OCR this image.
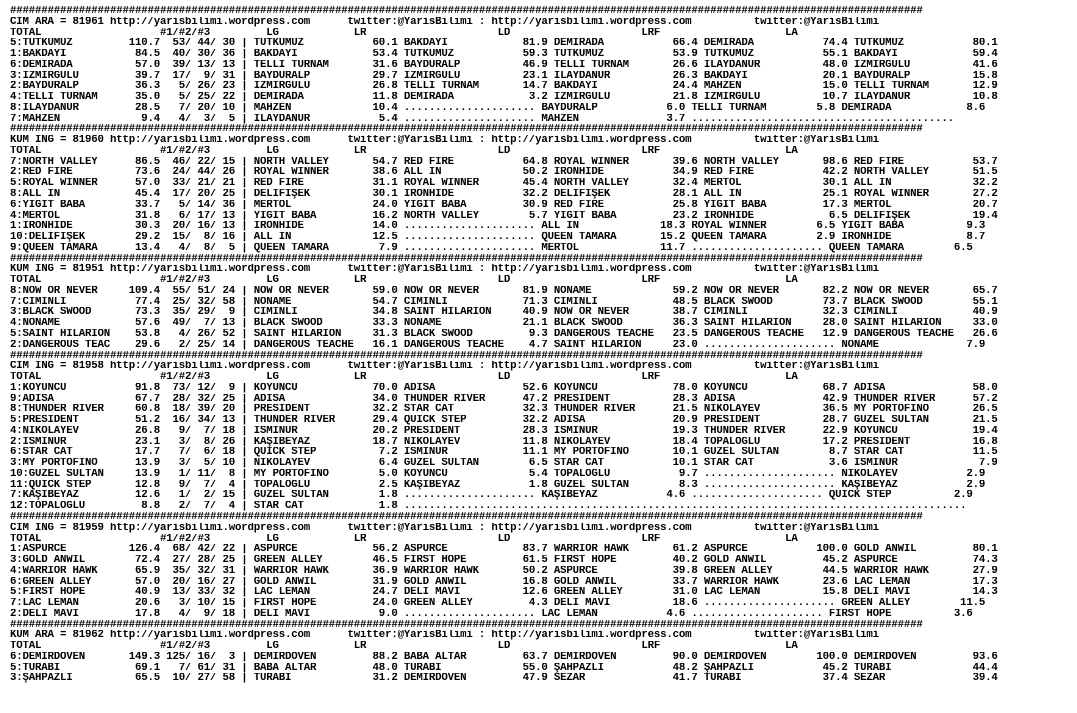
##################################################################################################################################################
CIM ARA = 81961 http://yarisbilimi.wordpress.com      twitter:@YarisBilimi : http://yarisbilimi.wordpress.com          twitter:@YarisBilimi
TOTAL                   #1/#2/#3         LG            LR                     LD                     LRF                    LA
5:TUTKUMUZ         110.7  53/ 44/ 30 | TUTKUMUZ           60.1 BAKDAYI            81.9 DEMİRADA           66.4 DEMİRADA           74.4 TUTKUMUZ           80.1
1:BAKDAYI           84.5  40/ 30/ 36 | BAKDAYI            53.4 TUTKUMUZ           59.3 TUTKUMUZ           53.9 TUTKUMUZ           55.1 BAKDAYI            59.4
6:DEMİRADA          57.0  39/ 13/ 13 | TELLİ TURNAM       31.6 BAYDURALP          46.9 TELLİ TURNAM       26.6 İLAYDANUR          48.0 İZMİRGÜLÜ          41.6
3:İZMİRGÜLÜ         39.7  17/  9/ 31 | BAYDURALP          29.7 İZMİRGÜLÜ          23.1 İLAYDANUR          26.3 BAKDAYI            20.1 BAYDURALP          15.8
2:BAYDURALP         36.3   5/ 26/ 23 | İZMİRGÜLÜ          26.8 TELLİ TURNAM       14.7 BAKDAYI            24.4 MAHZEN             15.0 TELLİ TURNAM       12.9
4:TELLİ TURNAM      35.0   5/ 25/ 22 | DEMİRADA           11.8 DEMİRADA            3.2 İZMİRGÜLÜ          21.8 İZMİRGÜLÜ          10.7 İLAYDANUR          10.8
8:İLAYDANUR         28.5   7/ 20/ 10 | MAHZEN             10.4 ..................... BAYDURALP           6.0 TELLİ TURNAM        5.8 DEMİRADA            8.6
7:MAHZEN             9.4   4/  3/  5 | İLAYDANUR           5.4 ..................... MAHZEN              3.7 ..........................................
##################################################################################################################################################
KUM ING = 81960 http://yarisbilimi.wordpress.com      twitter:@YarisBilimi : http://yarisbilimi.wordpress.com          twitter:@YarisBilimi
TOTAL                   #1/#2/#3         LG            LR                     LD                     LRF                    LA
7:NORTH VALLEY      86.5  46/ 22/ 15 | NORTH VALLEY       54.7 RED FIRE           64.8 ROYAL WINNER       39.6 NORTH VALLEY       98.6 RED FIRE           53.7
2:RED FIRE          73.6  24/ 44/ 26 | ROYAL WINNER       38.6 ALL IN             50.2 IRONHIDE           34.9 RED FIRE           42.2 NORTH VALLEY       51.5
5:ROYAL WINNER      57.0  33/ 21/ 21 | RED FIRE           31.1 ROYAL WINNER       45.4 NORTH VALLEY       32.4 MERTOL             30.1 ALL IN             32.2
8:ALL IN            45.4  17/ 20/ 25 | DELİFİŞEK          30.1 IRONHIDE           32.2 DELİFİŞEK          28.1 ALL IN             25.1 ROYAL WINNER       27.2
6:YİĞİT BABA        33.7   5/ 14/ 36 | MERTOL             24.0 YİĞİT BABA         30.9 RED FIRE           25.8 YİĞİT BABA         17.3 MERTOL             20.7
4:MERTOL            31.8   6/ 17/ 13 | YİĞİT BABA         16.2 NORTH VALLEY        5.7 YİĞİT BABA         23.2 IRONHIDE            6.5 DELİFİŞEK          19.4
1:IRONHIDE          30.3  20/ 16/ 13 | IRONHIDE           14.0 ..................... ALL IN             18.3 ROYAL WINNER        6.5 YİĞİT BABA          9.3
10:DELİFİŞEK        29.2  15/  8/ 16 | ALL IN             12.5 ..................... QUEEN TAMARA       15.2 QUEEN TAMARA        2.9 IRONHIDE            8.7
9:QUEEN TAMARA      13.4   4/  8/  5 | QUEEN TAMARA        7.9 ..................... MERTOL             11.7 ..................... QUEEN TAMARA        6.5
##################################################################################################################################################
KUM ING = 81951 http://yarisbilimi.wordpress.com      twitter:@YarisBilimi : http://yarisbilimi.wordpress.com          twitter:@YarisBilimi
TOTAL                   #1/#2/#3         LG            LR                     LD                     LRF                    LA
8:NOW OR NEVER     109.4  55/ 51/ 24 | NOW OR NEVER       59.0 NOW OR NEVER       81.9 NONAME             59.2 NOW OR NEVER       82.2 NOW OR NEVER       65.7
7:CİMİNLİ           77.4  25/ 32/ 58 | NONAME             54.7 CİMİNLİ            71.3 CİMİNLİ            48.5 BLACK SWOOD        73.7 BLACK SWOOD        55.1
3:BLACK SWOOD       73.3  35/ 29/  9 | CİMİNLİ            34.8 SAINT HILARION     40.9 NOW OR NEVER       38.7 CİMİNLİ            32.3 CİMİNLİ            40.9
4:NONAME            57.6  49/  7/ 13 | BLACK SWOOD        33.3 NONAME             21.1 BLACK SWOOD        36.3 SAINT HILARION     28.0 SAINT HILARION     33.0
5:SAINT HILARION    53.8   4/ 26/ 52 | SAINT HILARION     31.3 BLACK SWOOD         9.3 DANGEROUS TEACHE   23.5 DANGEROUS TEACHE   12.9 DANGEROUS TEACHE   26.6
2:DANGEROUS TEAC    29.6   2/ 25/ 14 | DANGEROUS TEACHE   16.1 DANGEROUS TEACHE    4.7 SAINT HILARION     23.0 ..................... NONAME              7.9
##################################################################################################################################################
CIM ING = 81958 http://yarisbilimi.wordpress.com      twitter:@YarisBilimi : http://yarisbilimi.wordpress.com          twitter:@YarisBilimi
TOTAL                   #1/#2/#3         LG            LR                     LD                     LRF                    LA
1:KOYUNCU           91.8  73/ 12/  9 | KOYUNCU            70.0 ADİSA              52.6 KOYUNCU            78.0 KOYUNCU            68.7 ADİSA              58.0
9:ADİSA             67.7  28/ 32/ 25 | ADİSA              34.0 THUNDER RIVER      47.2 PRESIDENT          28.3 ADİSA              42.9 THUNDER RIVER      57.2
8:THUNDER RIVER     60.8  18/ 39/ 20 | PRESIDENT          32.2 STAR CAT           32.3 THUNDER RIVER      21.5 NIKOLAYEV          36.5 MY PORTOFİNO       26.5
5:PRESIDENT         51.2  16/ 34/ 13 | THUNDER RIVER      29.4 QUICK STEP         32.2 ADİSA              20.9 PRESIDENT          28.7 GÜZEL SULTAN       21.5
4:NIKOLAYEV         26.8   9/  7/ 18 | İSMİNUR            20.2 PRESIDENT          28.3 İSMİNUR            19.3 THUNDER RIVER      22.9 KOYUNCU            19.4
2:İSMİNUR           23.1   3/  8/ 26 | KAŞIBEYAZ          18.7 NIKOLAYEV          11.8 NIKOLAYEV          18.4 TOPALOĞLU          17.2 PRESIDENT          16.8
6:STAR CAT          17.7   7/  6/ 18 | QUICK STEP          7.2 İSMİNUR            11.1 MY PORTOFİNO       10.1 GÜZEL SULTAN        8.7 STAR CAT           11.5
3:MY PORTOFİNO      13.9   3/  5/ 10 | NIKOLAYEV           6.4 GÜZEL SULTAN        6.5 STAR CAT           10.1 STAR CAT            3.6 İSMİNUR             7.9
10:GÜZEL SULTAN     13.9   1/ 11/  8 | MY PORTOFİNO        5.0 KOYUNCU             5.4 TOPALOĞLU           9.7 ..................... NIKOLAYEV           2.9
11:QUICK STEP       12.8   9/  7/  4 | TOPALOĞLU           2.5 KAŞIBEYAZ           1.8 GÜZEL SULTAN        8.3 ..................... KAŞIBEYAZ           2.9
7:KAŞIBEYAZ         12.6   1/  2/ 15 | GÜZEL SULTAN        1.8 ..................... KAŞIBEYAZ           4.6 ..................... QUICK STEP          2.9
12:TOPALOĞLU         8.8   2/  7/  4 | STAR CAT            1.8 ..........................................................................................
##################################################################################################################################################
CIM ING = 81959 http://yarisbilimi.wordpress.com      twitter:@YarisBilimi : http://yarisbilimi.wordpress.com          twitter:@YarisBilimi
TOTAL                   #1/#2/#3         LG            LR                     LD                     LRF                    LA
1:ASPURCE          126.4  68/ 42/ 22 | ASPURCE            56.2 ASPURCE            83.7 WARRIOR HAWK       61.2 ASPURCE           100.0 GOLD ANWIL         80.1
3:GOLD ANWIL        72.4  27/ 28/ 25 | GREEN ALLEY        46.5 FIRST HOPE         61.5 FIRST HOPE         40.2 GOLD ANWIL         45.2 ASPURCE            74.3
4:WARRIOR HAWK      65.9  35/ 32/ 31 | WARRIOR HAWK       36.9 WARRIOR HAWK       50.2 ASPURCE            39.8 GREEN ALLEY        44.5 WARRIOR HAWK       27.9
6:GREEN ALLEY       57.0  20/ 16/ 27 | GOLD ANWIL         31.9 GOLD ANWIL         16.8 GOLD ANWIL         33.7 WARRIOR HAWK       23.6 LAC LEMAN          17.3
5:FIRST HOPE        40.9  13/ 33/ 32 | LAC LEMAN          24.7 DELİ MAVİ          12.6 GREEN ALLEY        31.0 LAC LEMAN          15.8 DELİ MAVİ          14.3
7:LAC LEMAN         20.6   3/ 10/ 15 | FIRST HOPE         24.0 GREEN ALLEY         4.3 DELİ MAVİ          18.6 ..................... GREEN ALLEY        11.5
2:DELİ MAVİ         17.8   4/  9/ 18 | DELİ MAVİ           9.0 ..................... LAC LEMAN           4.6 ..................... FIRST HOPE          3.6
##################################################################################################################################################
KUM ARA = 81962 http://yarisbilimi.wordpress.com      twitter:@YarisBilimi : http://yarisbilimi.wordpress.com          twitter:@YarisBilimi
TOTAL                   #1/#2/#3         LG            LR                     LD                     LRF                    LA
6:DEMİRDÖVEN       149.3 125/ 16/  3 | DEMİRDÖVEN         88.2 BABA ALTAR         63.7 DEMİRDÖVEN         90.0 DEMİRDÖVEN        100.0 DEMİRDÖVEN         93.6
5:TURABİ            69.1   7/ 61/ 31 | BABA ALTAR         48.0 TURABİ             55.0 ŞAHPAZLI           48.2 ŞAHPAZLI           45.2 TURABİ             44.4
3:ŞAHPAZLI          65.5  10/ 27/ 58 | TURABİ             31.2 DEMİRDÖVEN         47.9 SEZAR              41.7 TURABİ             37.4 SEZAR              39.4
